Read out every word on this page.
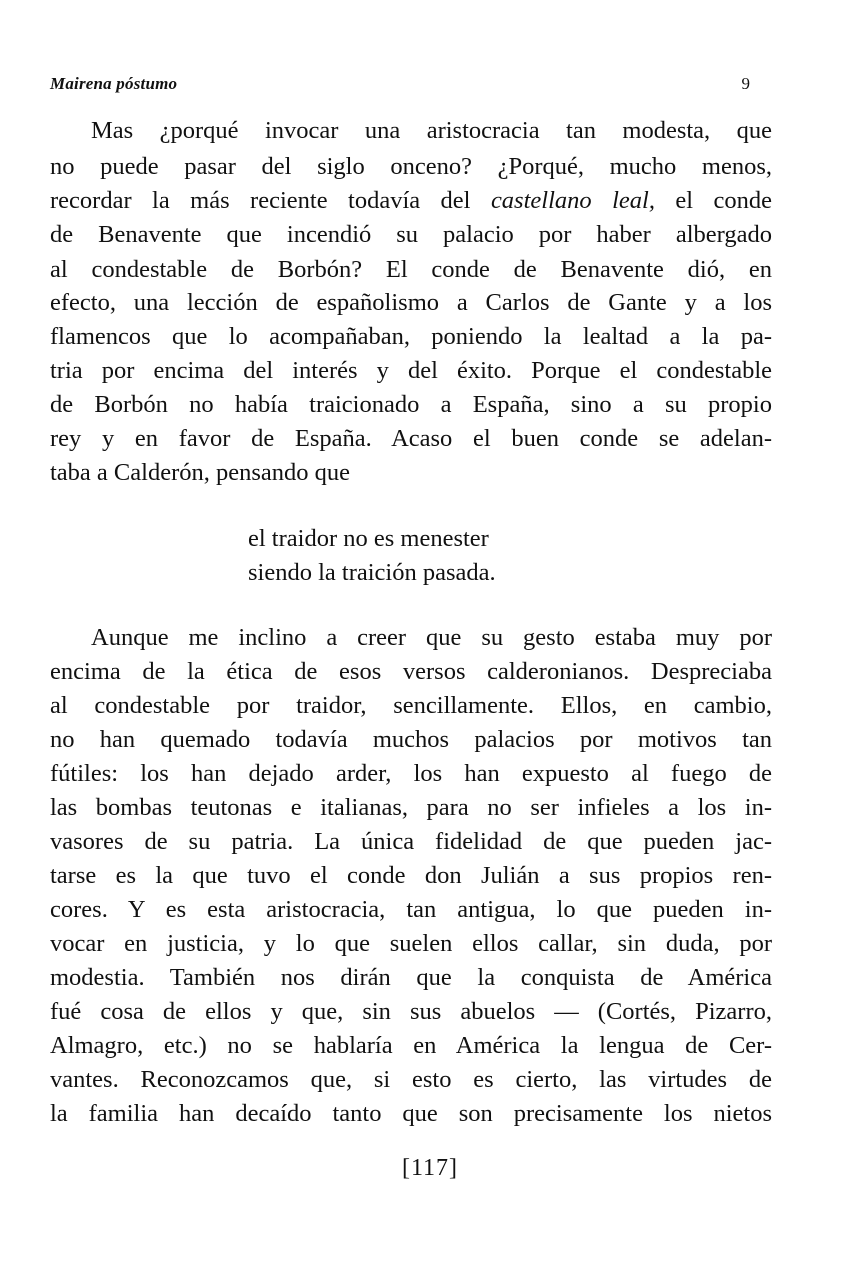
Mairena póstumo	9
Mas ¿porqué invocar una aristocracia tan modesta, que
no puede pasar del siglo onceno? ¿Porqué, mucho menos,
recordar la más reciente todavía del castellano leal, el conde
de Benavente que incendió su palacio por haber albergado
al condestable de Borbón? El conde de Benavente dió, en
efecto, una lección de españolismo a Carlos de Gante y a los
flamencos que lo acompañaban, poniendo la lealtad a la pa-
tria por encima del interés y del éxito. Porque el condestable
de Borbón no había traicionado a España, sino a su propio
rey y en favor de España. Acaso el buen conde se adelan-
taba a Calderón, pensando que
el traidor no es menester
siendo la traición pasada.
Aunque me inclino a creer que su gesto estaba muy por
encima de la ética de esos versos calderonianos. Despreciaba
al condestable por traidor, sencillamente. Ellos, en cambio,
no han quemado todavía muchos palacios por motivos tan
fútiles: los han dejado arder, los han expuesto al fuego de
las bombas teutonas e italianas, para no ser infieles a los in-
vasores de su patria. La única fidelidad de que pueden jac-
tarse es la que tuvo el conde don Julián a sus propios ren-
cores. Y es esta aristocracia, tan antigua, lo que pueden in-
vocar en justicia, y lo que suelen ellos callar, sin duda, por
modestia. También nos dirán que la conquista de América
fué cosa de ellos y que, sin sus abuelos — (Cortés, Pizarro,
Almagro, etc.) no se hablaría en América la lengua de Cer-
vantes. Reconozcamos que, si esto es cierto, las virtudes de
la familia han decaído tanto que son precisamente los nietos
[117]
